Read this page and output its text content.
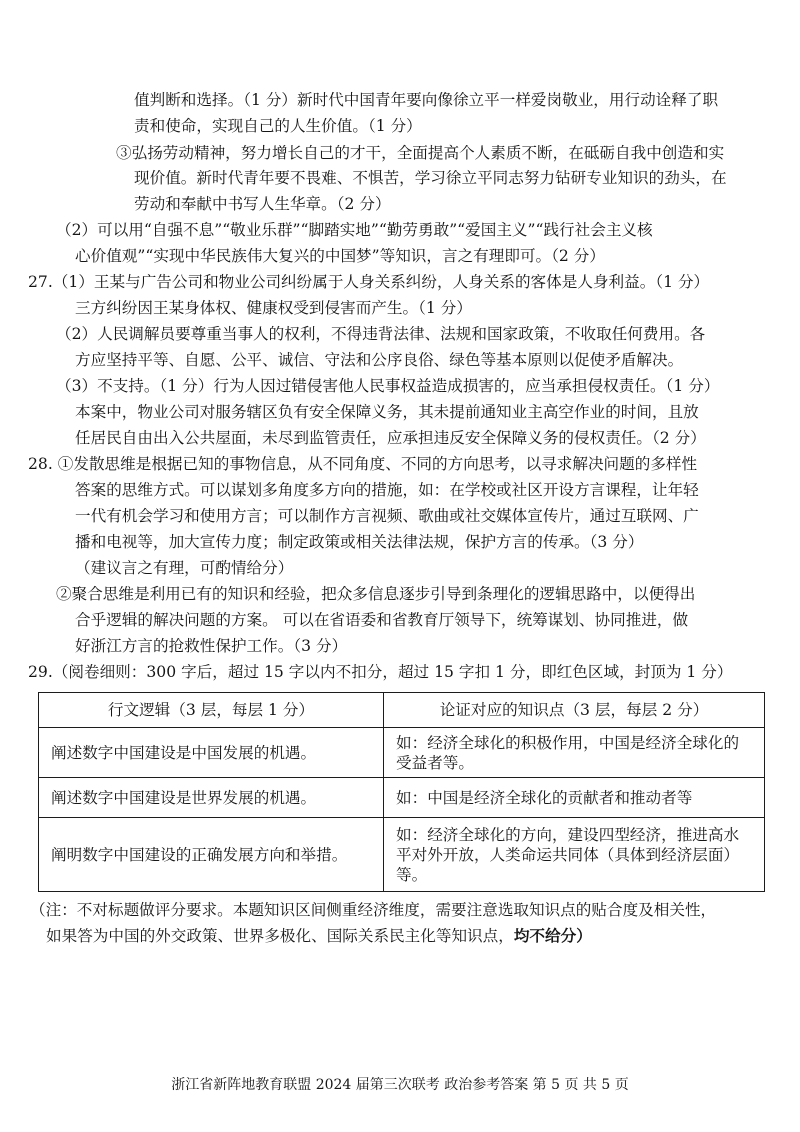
值判断和选择。（1 分）新时代中国青年要向像徐立平一样爱岗敬业，用行动诠释了职
责和使命，实现自己的人生价值。（1 分）
③弘扬劳动精神，努力增长自己的才干，全面提高个人素质不断，在砥砺自我中创造和实
现价值。新时代青年要不畏难、不惧苦，学习徐立平同志努力钻研专业知识的劲头，在
劳动和奉献中书写人生华章。（2 分）
（2）可以用“自强不息”“敬业乐群”“脚踏实地”“勤劳勇敢”“爱国主义”“践行社会主义核
心价值观”“实现中华民族伟大复兴的中国梦”等知识，言之有理即可。（2 分）
27.（1）王某与广告公司和物业公司纠纷属于人身关系纠纷，人身关系的客体是人身利益。（1 分）
三方纠纷因王某身体权、健康权受到侵害而产生。（1 分）
（2）人民调解员要尊重当事人的权利，不得违背法律、法规和国家政策，不收取任何费用。各
方应坚持平等、自愿、公平、诚信、守法和公序良俗、绿色等基本原则以促使矛盾解决。
（3）不支持。（1 分）行为人因过错侵害他人民事权益造成损害的，应当承担侵权责任。（1 分）
本案中，物业公司对服务辖区负有安全保障义务，其未提前通知业主高空作业的时间，且放
任居民自由出入公共屋面，未尽到监管责任，应承担违反安全保障义务的侵权责任。（2 分）
28. ①发散思维是根据已知的事物信息，从不同角度、不同的方向思考，以寻求解决问题的多样性
答案的思维方式。可以谋划多角度多方向的措施，如：在学校或社区开设方言课程，让年轻
一代有机会学习和使用方言；可以制作方言视频、歌曲或社交媒体宣传片，通过互联网、广
播和电视等，加大宣传力度；制定政策或相关法律法规，保护方言的传承。（3 分）
（建议言之有理，可酌情给分）
②聚合思维是利用已有的知识和经验，把众多信息逐步引导到条理化的逻辑思路中，以便得出
合乎逻辑的解决问题的方案。 可以在省语委和省教育厅领导下，统筹谋划、协同推进，做
好浙江方言的抢救性保护工作。（3 分）
29.（阅卷细则：300 字后，超过 15 字以内不扣分，超过 15 字扣 1 分，即红色区域，封顶为 1 分）
行文逻辑（3 层，每层 1 分）	论证对应的知识点（3 层，每层 2 分）
阐述数字中国建设是中国发展的机遇。	如：经济全球化的积极作用，中国是经济全球化的受益者等。
阐述数字中国建设是世界发展的机遇。	如：中国是经济全球化的贡献者和推动者等
阐明数字中国建设的正确发展方向和举措。	如：经济全球化的方向，建设四型经济，推进高水平对外开放，人类命运共同体（具体到经济层面）等。
（注：不对标题做评分要求。本题知识区间侧重经济维度，需要注意选取知识点的贴合度及相关性，
如果答为中国的外交政策、世界多极化、国际关系民主化等知识点，均不给分）
浙江省新阵地教育联盟 2024 届第三次联考 政治参考答案 第 5 页 共 5 页
